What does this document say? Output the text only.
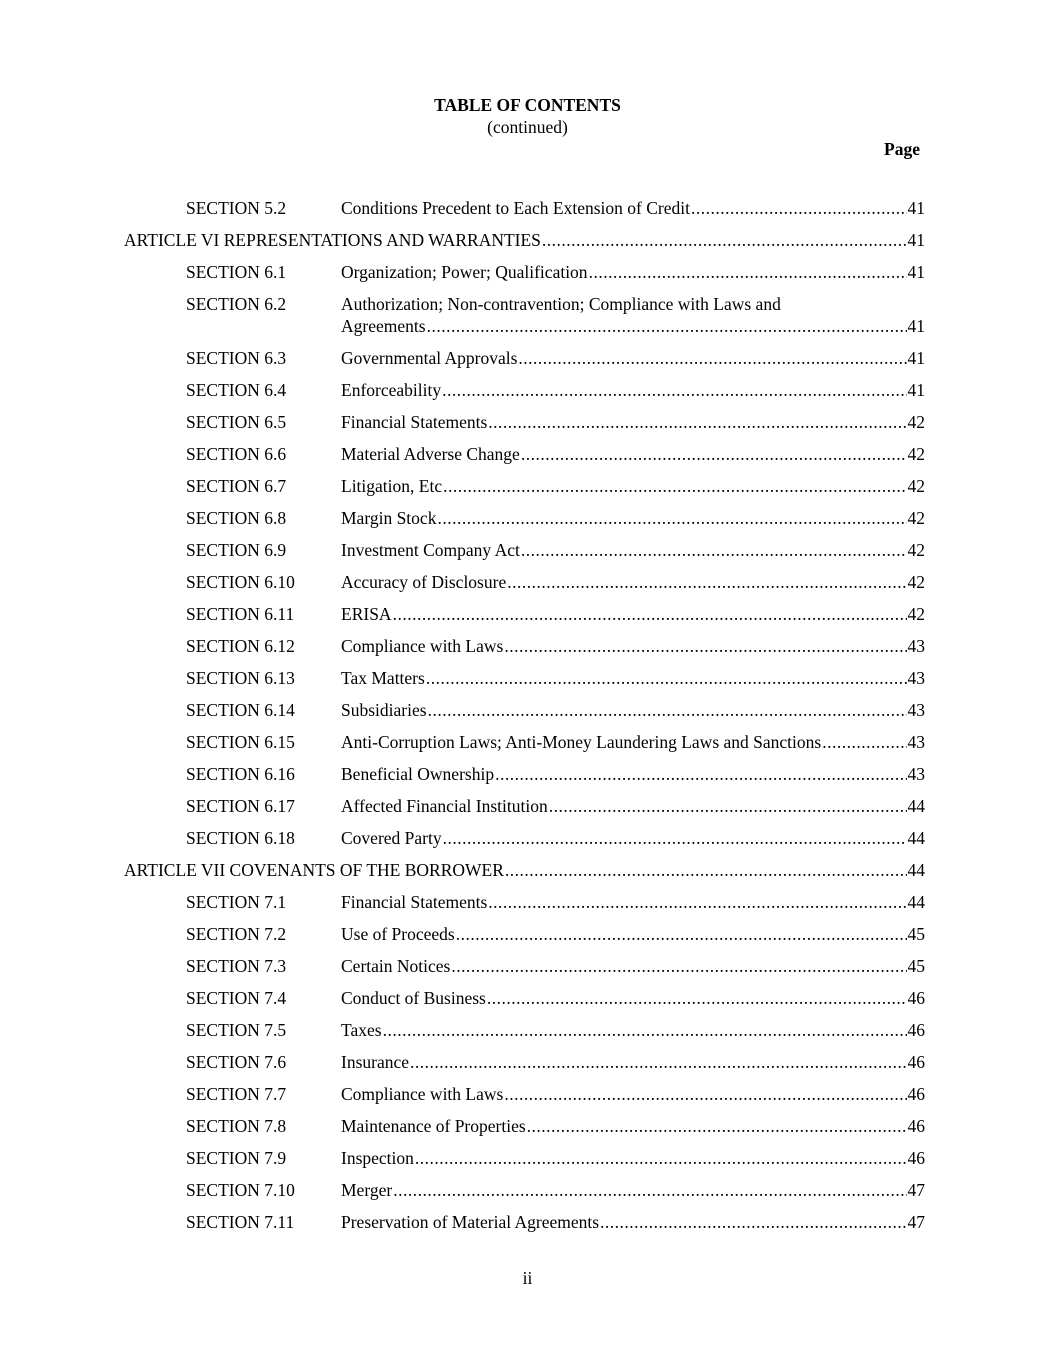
TABLE OF CONTENTS
(continued)
Page
SECTION 5.2	Conditions Precedent to Each Extension of Credit .....	41
ARTICLE VI REPRESENTATIONS AND WARRANTIES .....	41
SECTION 6.1	Organization; Power; Qualification .....	41
SECTION 6.2	Authorization; Non-contravention; Compliance with Laws and
Agreements .....	41
SECTION 6.3	Governmental Approvals .....	41
SECTION 6.4	Enforceability .....	41
SECTION 6.5	Financial Statements .....	42
SECTION 6.6	Material Adverse Change .....	42
SECTION 6.7	Litigation, Etc .....	42
SECTION 6.8	Margin Stock .....	42
SECTION 6.9	Investment Company Act .....	42
SECTION 6.10	Accuracy of Disclosure .....	42
SECTION 6.11	ERISA .....	42
SECTION 6.12	Compliance with Laws .....	43
SECTION 6.13	Tax Matters .....	43
SECTION 6.14	Subsidiaries .....	43
SECTION 6.15	Anti-Corruption Laws; Anti-Money Laundering Laws and Sanctions .....	43
SECTION 6.16	Beneficial Ownership .....	43
SECTION 6.17	Affected Financial Institution .....	44
SECTION 6.18	Covered Party .....	44
ARTICLE VII COVENANTS OF THE BORROWER .....	44
SECTION 7.1	Financial Statements .....	44
SECTION 7.2	Use of Proceeds .....	45
SECTION 7.3	Certain Notices .....	45
SECTION 7.4	Conduct of Business .....	46
SECTION 7.5	Taxes .....	46
SECTION 7.6	Insurance .....	46
SECTION 7.7	Compliance with Laws .....	46
SECTION 7.8	Maintenance of Properties .....	46
SECTION 7.9	Inspection .....	46
SECTION 7.10	Merger .....	47
SECTION 7.11	Preservation of Material Agreements .....	47
ii
